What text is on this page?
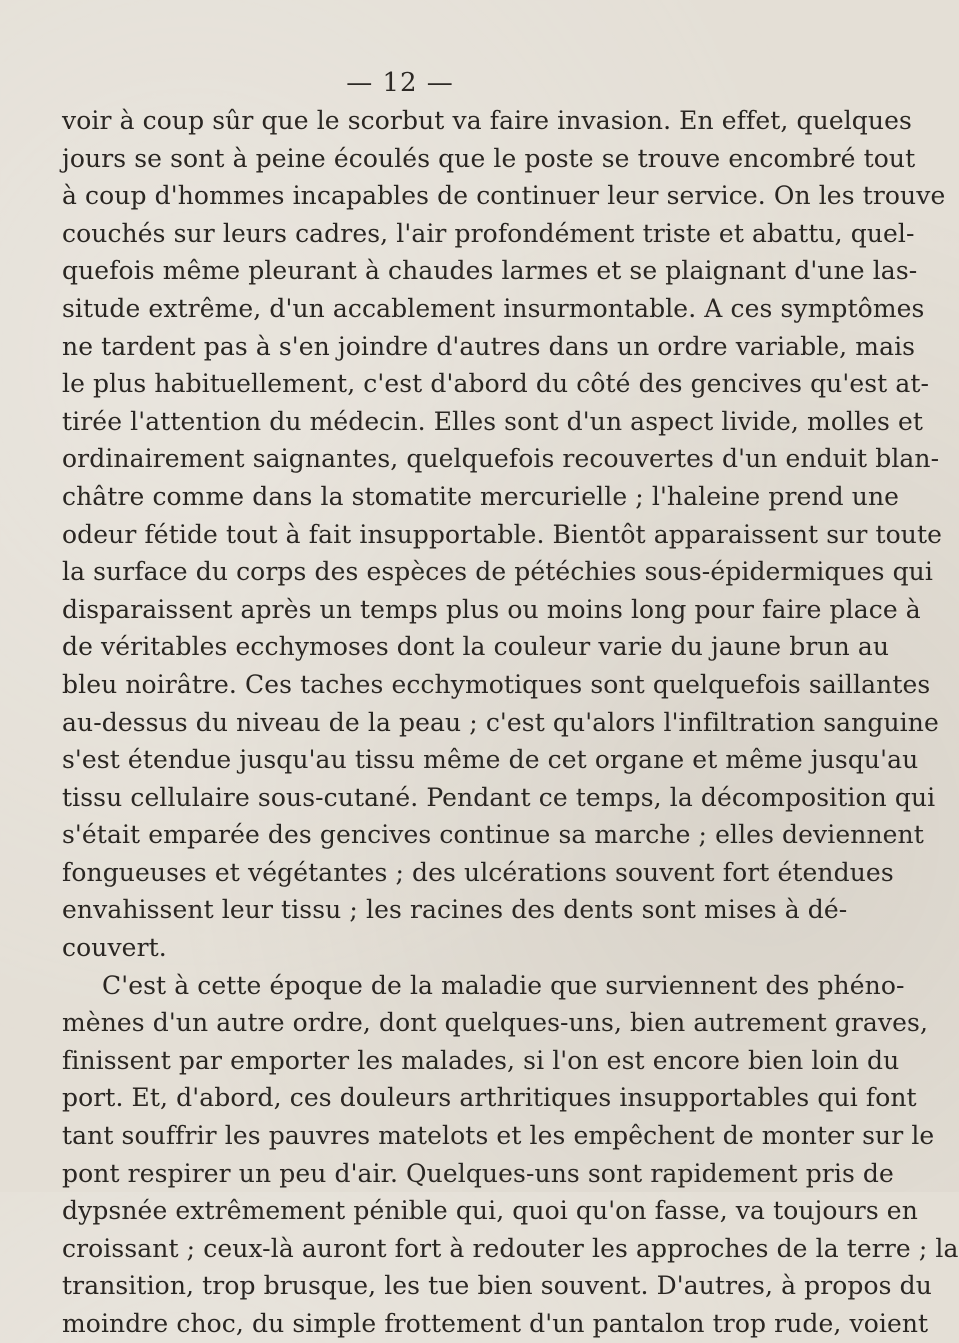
— 12 —
voir à coup sûr que le scorbut va faire invasion. En effet, quelques
jours se sont à peine écoulés que le poste se trouve encombré tout
à coup d'hommes incapables de continuer leur service. On les trouve
couchés sur leurs cadres, l'air profondément triste et abattu, quel-
quefois même pleurant à chaudes larmes et se plaignant d'une las-
situde extrême, d'un accablement insurmontable. A ces symptômes
ne tardent pas à s'en joindre d'autres dans un ordre variable, mais
le plus habituellement, c'est d'abord du côté des gencives qu'est at-
tirée l'attention du médecin. Elles sont d'un aspect livide, molles et
ordinairement saignantes, quelquefois recouvertes d'un enduit blan-
châtre comme dans la stomatite mercurielle ; l'haleine prend une
odeur fétide tout à fait insupportable. Bientôt apparaissent sur toute
la surface du corps des espèces de pétéchies sous-épidermiques qui
disparaissent après un temps plus ou moins long pour faire place à
de véritables ecchymoses dont la couleur varie du jaune brun au
bleu noirâtre. Ces taches ecchymotiques sont quelquefois saillantes
au-dessus du niveau de la peau ; c'est qu'alors l'infiltration sanguine
s'est étendue jusqu'au tissu même de cet organe et même jusqu'au
tissu cellulaire sous-cutané. Pendant ce temps, la décomposition qui
s'était emparée des gencives continue sa marche ; elles deviennent
fongueuses et végétantes ; des ulcérations souvent fort étendues
envahissent leur tissu ; les racines des dents sont mises à dé-
couvert.
C'est à cette époque de la maladie que surviennent des phéno-
mènes d'un autre ordre, dont quelques-uns, bien autrement graves,
finissent par emporter les malades, si l'on est encore bien loin du
port. Et, d'abord, ces douleurs arthritiques insupportables qui font
tant souffrir les pauvres matelots et les empêchent de monter sur le
pont respirer un peu d'air. Quelques-uns sont rapidement pris de
dypsnée extrêmement pénible qui, quoi qu'on fasse, va toujours en
croissant ; ceux-là auront fort à redouter les approches de la terre ; la
transition, trop brusque, les tue bien souvent. D'autres, à propos du
moindre choc, du simple frottement d'un pantalon trop rude, voient
